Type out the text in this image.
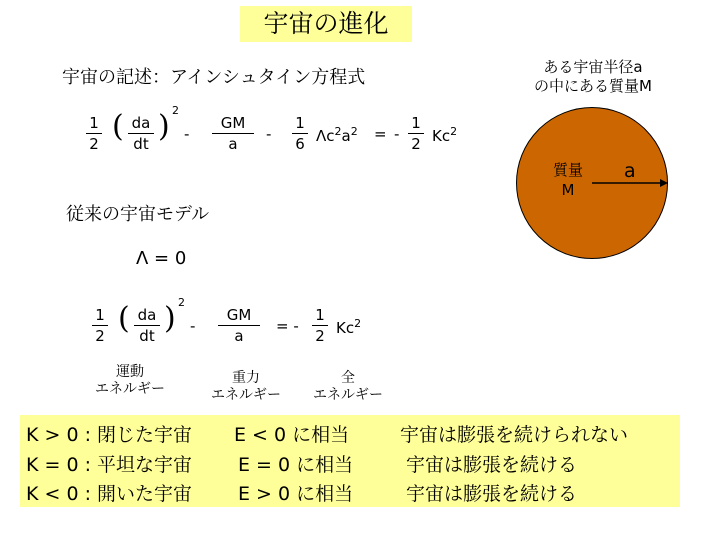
宇宙の進化
宇宙の記述：アインシュタイン方程式
1
2 ( da
dt ) 2
-
GM
a
-
1
6 $\Lambda c^2a^2$ = -
1
2 Kc$^2$
ある宇宙半径a
の中にある質量M
質量
M
a
従来の宇宙モデル
Λ = 0
1
2 ( da
dt ) 2
-
GM
a
= -
1
2 Kc$^2$
運動
エネルギー
重力
エネルギー
全
エネルギー
K > 0 : 閉じた宇宙 E < 0 に相当	宇宙は膨張を続けられない
K = 0 : 平坦な宇宙 E = 0 に相当	宇宙は膨張を続ける
K < 0 : 開いた宇宙 E > 0 に相当	宇宙は膨張を続ける
